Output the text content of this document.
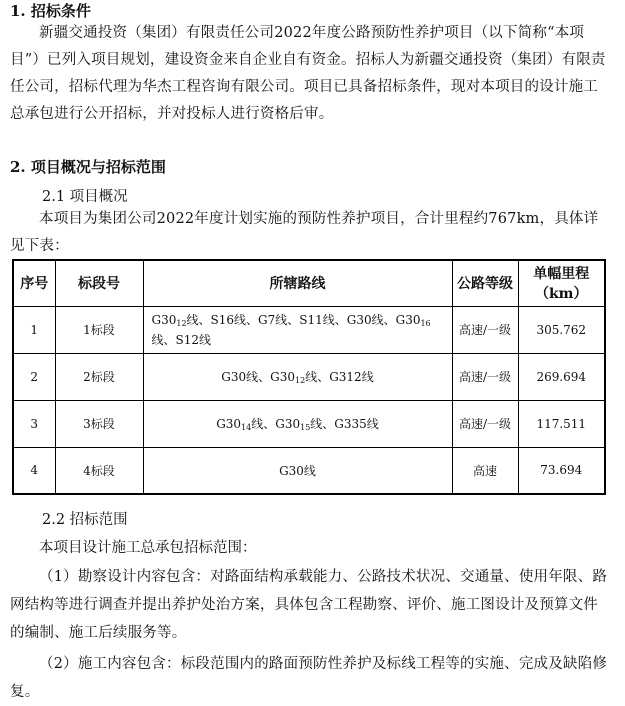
1. 招标条件
新疆交通投资（集团）有限责任公司2022年度公路预防性养护项目（以下简称“本项目”）已列入项目规划，建设资金来自企业自有资金。招标人为新疆交通投资（集团）有限责任公司，招标代理为华杰工程咨询有限公司。项目已具备招标条件，现对本项目的设计施工总承包进行公开招标，并对投标人进行资格后审。
2. 项目概况与招标范围
2.1 项目概况
本项目为集团公司2022年度计划实施的预防性养护项目，合计里程约767km，具体详见下表：
序号	标段号	所辖路线	公路等级	单幅里程
（km）

1	1标段	$G30_{12}$线、S16线、G7线、S11线、G30线、$G30_{16}$线、S12线	高速/一级	305.762
2	2标段	G30线、$G30_{12}$线、G312线	高速/一级	269.694
3	3标段	$G30_{14}$线、$G30_{15}$线、G335线	高速/一级	117.511
4	4标段	G30线	高速	73.694
2.2 招标范围
本项目设计施工总承包招标范围：
（1）勘察设计内容包含：对路面结构承载能力、公路技术状况、交通量、使用年限、路网结构等进行调查并提出养护处治方案，具体包含工程勘察、评价、施工图设计及预算文件的编制、施工后续服务等。
（2）施工内容包含：标段范围内的路面预防性养护及标线工程等的实施、完成及缺陷修复。
